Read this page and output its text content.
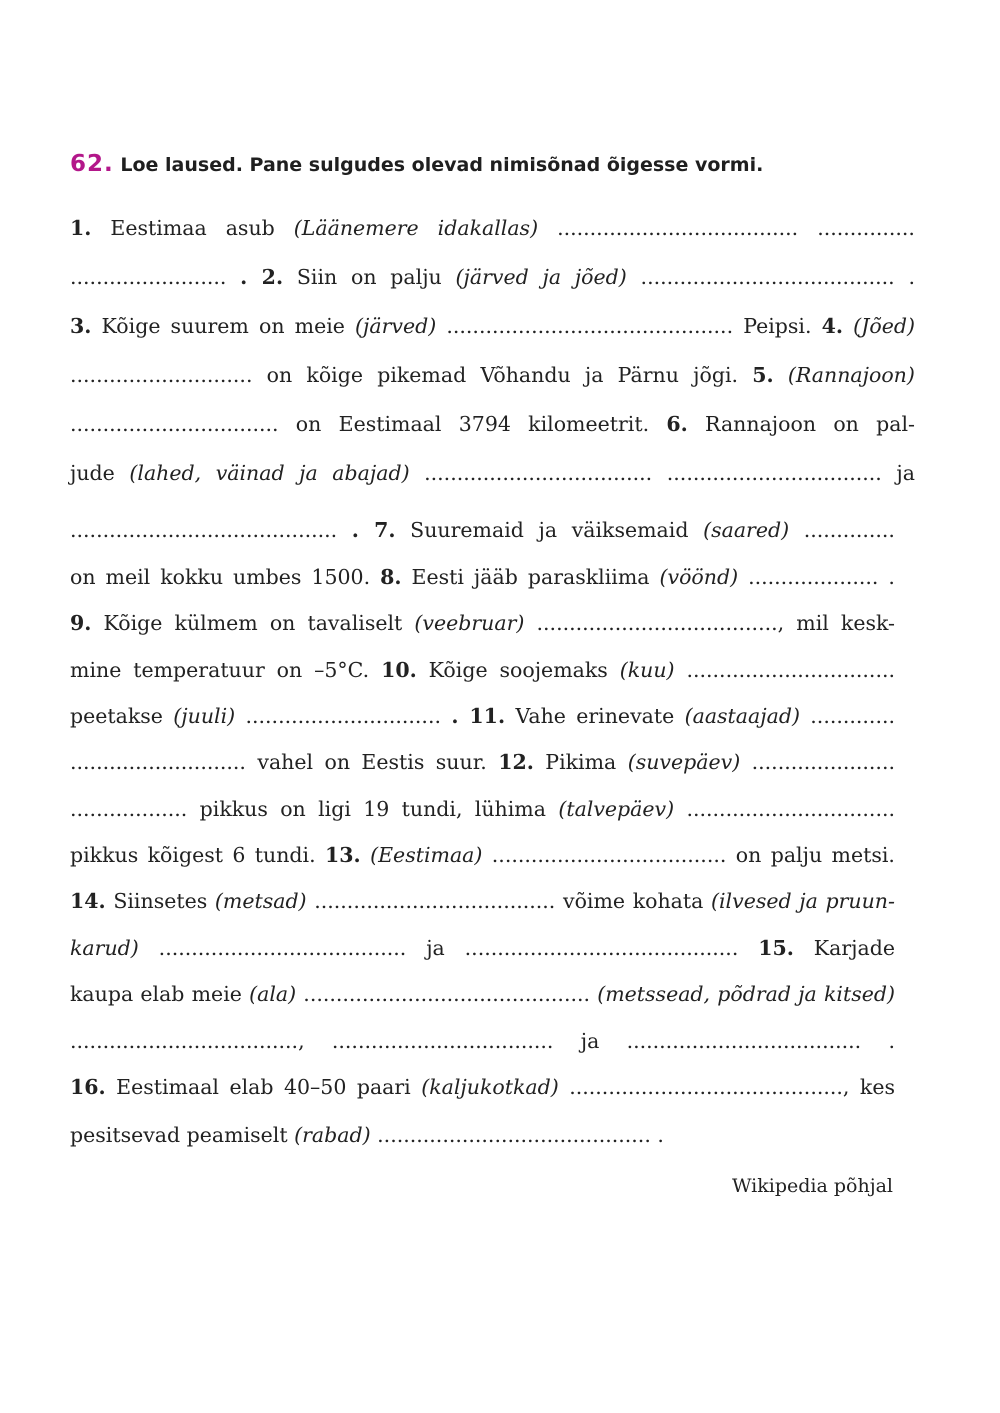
62. Loe laused. Pane sulgudes olevad nimisõnad õigesse vormi.
1. Eestimaa asub (Läänemere idakallas) ..................................... ...............
........................ . 2. Siin on palju (järved ja jõed) ....................................... .
3. Kõige suurem on meie (järved) ............................................ Peipsi. 4. (Jõed)
............................ on kõige pikemad Võhandu ja Pärnu jõgi. 5. (Rannajoon)
................................ on Eestimaal 3794 kilomeetrit. 6. Rannajoon on pal-
jude (lahed, väinad ja abajad) ................................... ................................. ja
......................................... . 7. Suuremaid ja väiksemaid (saared) ..............
on meil kokku umbes 1500. 8. Eesti jääb paraskliima (vöönd) .................... .
9. Kõige külmem on tavaliselt (veebruar) ....................................., mil kesk-
mine temperatuur on –5°C. 10. Kõige soojemaks (kuu) ................................
peetakse (juuli) .............................. . 11. Vahe erinevate (aastaajad) .............
........................... vahel on Eestis suur. 12. Pikima (suvepäev) ......................
.................. pikkus on ligi 19 tundi, lühima (talvepäev) ................................
pikkus kõigest 6 tundi. 13. (Eestimaa) .................................... on palju metsi.
14. Siinsetes (metsad) ..................................... võime kohata (ilvesed ja pruun-
karud) ...................................... ja .......................................... 15. Karjade
kaupa elab meie (ala) ............................................ (metssead, põdrad ja kitsed)
..................................., .................................. ja .................................... .
16. Eestimaal elab 40–50 paari (kaljukotkad) .........................................., kes
pesitsevad peamiselt (rabad) .......................................... .
Wikipedia põhjal
